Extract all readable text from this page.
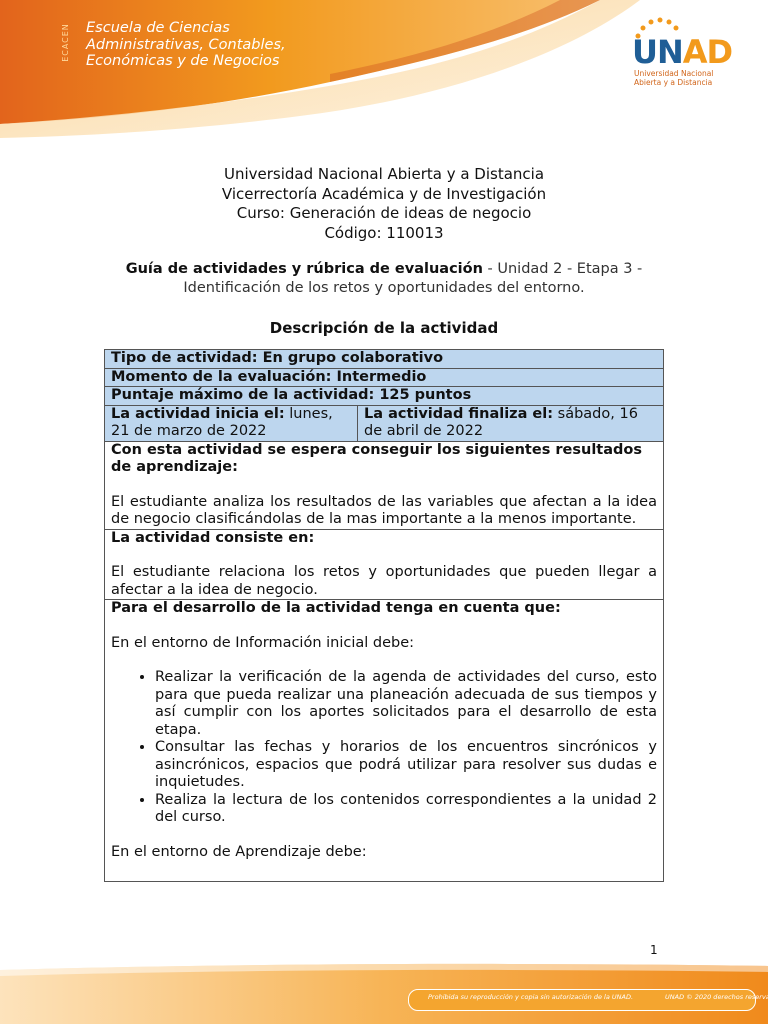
ECACEN Escuela de Ciencias
Administrativas, Contables,
Económicas y de Negocios	UNAD
Universidad Nacional
Abierta y a Distancia
Universidad Nacional Abierta y a Distancia
Vicerrectoría Académica y de Investigación
Curso: Generación de ideas de negocio
Código: 110013
Guía de actividades y rúbrica de evaluación - Unidad 2 - Etapa 3 - Identificación de los retos y oportunidades del entorno.
Descripción de la actividad
Tipo de actividad: En grupo colaborativo
Momento de la evaluación: Intermedio
Puntaje máximo de la actividad: 125 puntos
La actividad inicia el: lunes, 21 de marzo de 2022	La actividad finaliza el: sábado, 16 de abril de 2022

Con esta actividad se espera conseguir los siguientes resultados de aprendizaje:

El estudiante analiza los resultados de las variables que afectan a la idea de negocio clasificándolas de la mas importante a la menos importante.

La actividad consiste en:

El estudiante relaciona los retos y oportunidades que pueden llegar a afectar a la idea de negocio.

Para el desarrollo de la actividad tenga en cuenta que:

En el entorno de Información inicial debe:

• Realizar la verificación de la agenda de actividades del curso, esto para que pueda realizar una planeación adecuada de sus tiempos y así cumplir con los aportes solicitados para el desarrollo de esta etapa.
• Consultar las fechas y horarios de los encuentros sincrónicos y asincrónicos, espacios que podrá utilizar para resolver sus dudas e inquietudes.
• Realiza la lectura de los contenidos correspondientes a la unidad 2 del curso.

En el entorno de Aprendizaje debe:

1
Prohibida su reproducción y copia sin autorización de la UNAD.	UNAD © 2020 derechos reservados.
